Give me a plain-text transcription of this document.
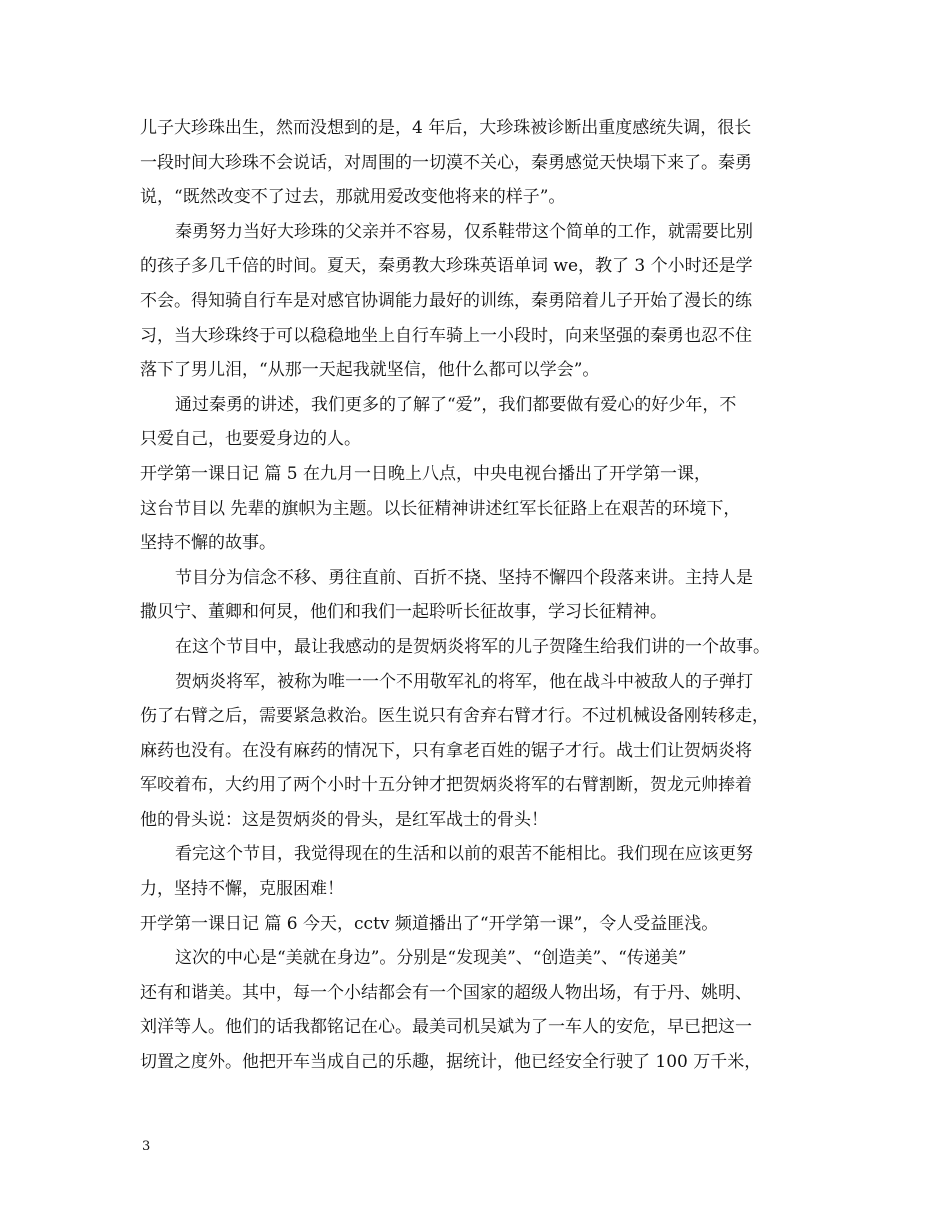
儿子大珍珠出生，然而没想到的是，4 年后，大珍珠被诊断出重度感统失调，很长
一段时间大珍珠不会说话，对周围的一切漠不关心，秦勇感觉天快塌下来了。秦勇
说，“既然改变不了过去，那就用爱改变他将来的样子”。
秦勇努力当好大珍珠的父亲并不容易，仅系鞋带这个简单的工作，就需要比别
的孩子多几千倍的时间。夏天，秦勇教大珍珠英语单词 we，教了 3 个小时还是学
不会。得知骑自行车是对感官协调能力最好的训练，秦勇陪着儿子开始了漫长的练
习，当大珍珠终于可以稳稳地坐上自行车骑上一小段时，向来坚强的秦勇也忍不住
落下了男儿泪，“从那一天起我就坚信，他什么都可以学会”。
通过秦勇的讲述，我们更多的了解了“爱”，我们都要做有爱心的好少年，不
只爱自己，也要爱身边的人。
开学第一课日记 篇 5 在九月一日晚上八点，中央电视台播出了开学第一课，
这台节目以 先辈的旗帜为主题。以长征精神讲述红军长征路上在艰苦的环境下，
坚持不懈的故事。
节目分为信念不移、勇往直前、百折不挠、坚持不懈四个段落来讲。主持人是
撒贝宁、董卿和何炅，他们和我们一起聆听长征故事，学习长征精神。
在这个节目中，最让我感动的是贺炳炎将军的儿子贺隆生给我们讲的一个故事。
贺炳炎将军，被称为唯一一个不用敬军礼的将军，他在战斗中被敌人的子弹打
伤了右臂之后，需要紧急救治。医生说只有舍弃右臂才行。不过机械设备刚转移走，
麻药也没有。在没有麻药的情况下，只有拿老百姓的锯子才行。战士们让贺炳炎将
军咬着布，大约用了两个小时十五分钟才把贺炳炎将军的右臂割断，贺龙元帅捧着
他的骨头说：这是贺炳炎的骨头，是红军战士的骨头！
看完这个节目，我觉得现在的生活和以前的艰苦不能相比。我们现在应该更努
力，坚持不懈，克服困难！
开学第一课日记 篇 6 今天，cctv 频道播出了“开学第一课”，令人受益匪浅。
这次的中心是“美就在身边”。分别是“发现美”、“创造美”、“传递美”
还有和谐美。其中，每一个小结都会有一个国家的超级人物出场，有于丹、姚明、
刘洋等人。他们的话我都铭记在心。最美司机吴斌为了一车人的安危，早已把这一
切置之度外。他把开车当成自己的乐趣，据统计，他已经安全行驶了 100 万千米，
3
